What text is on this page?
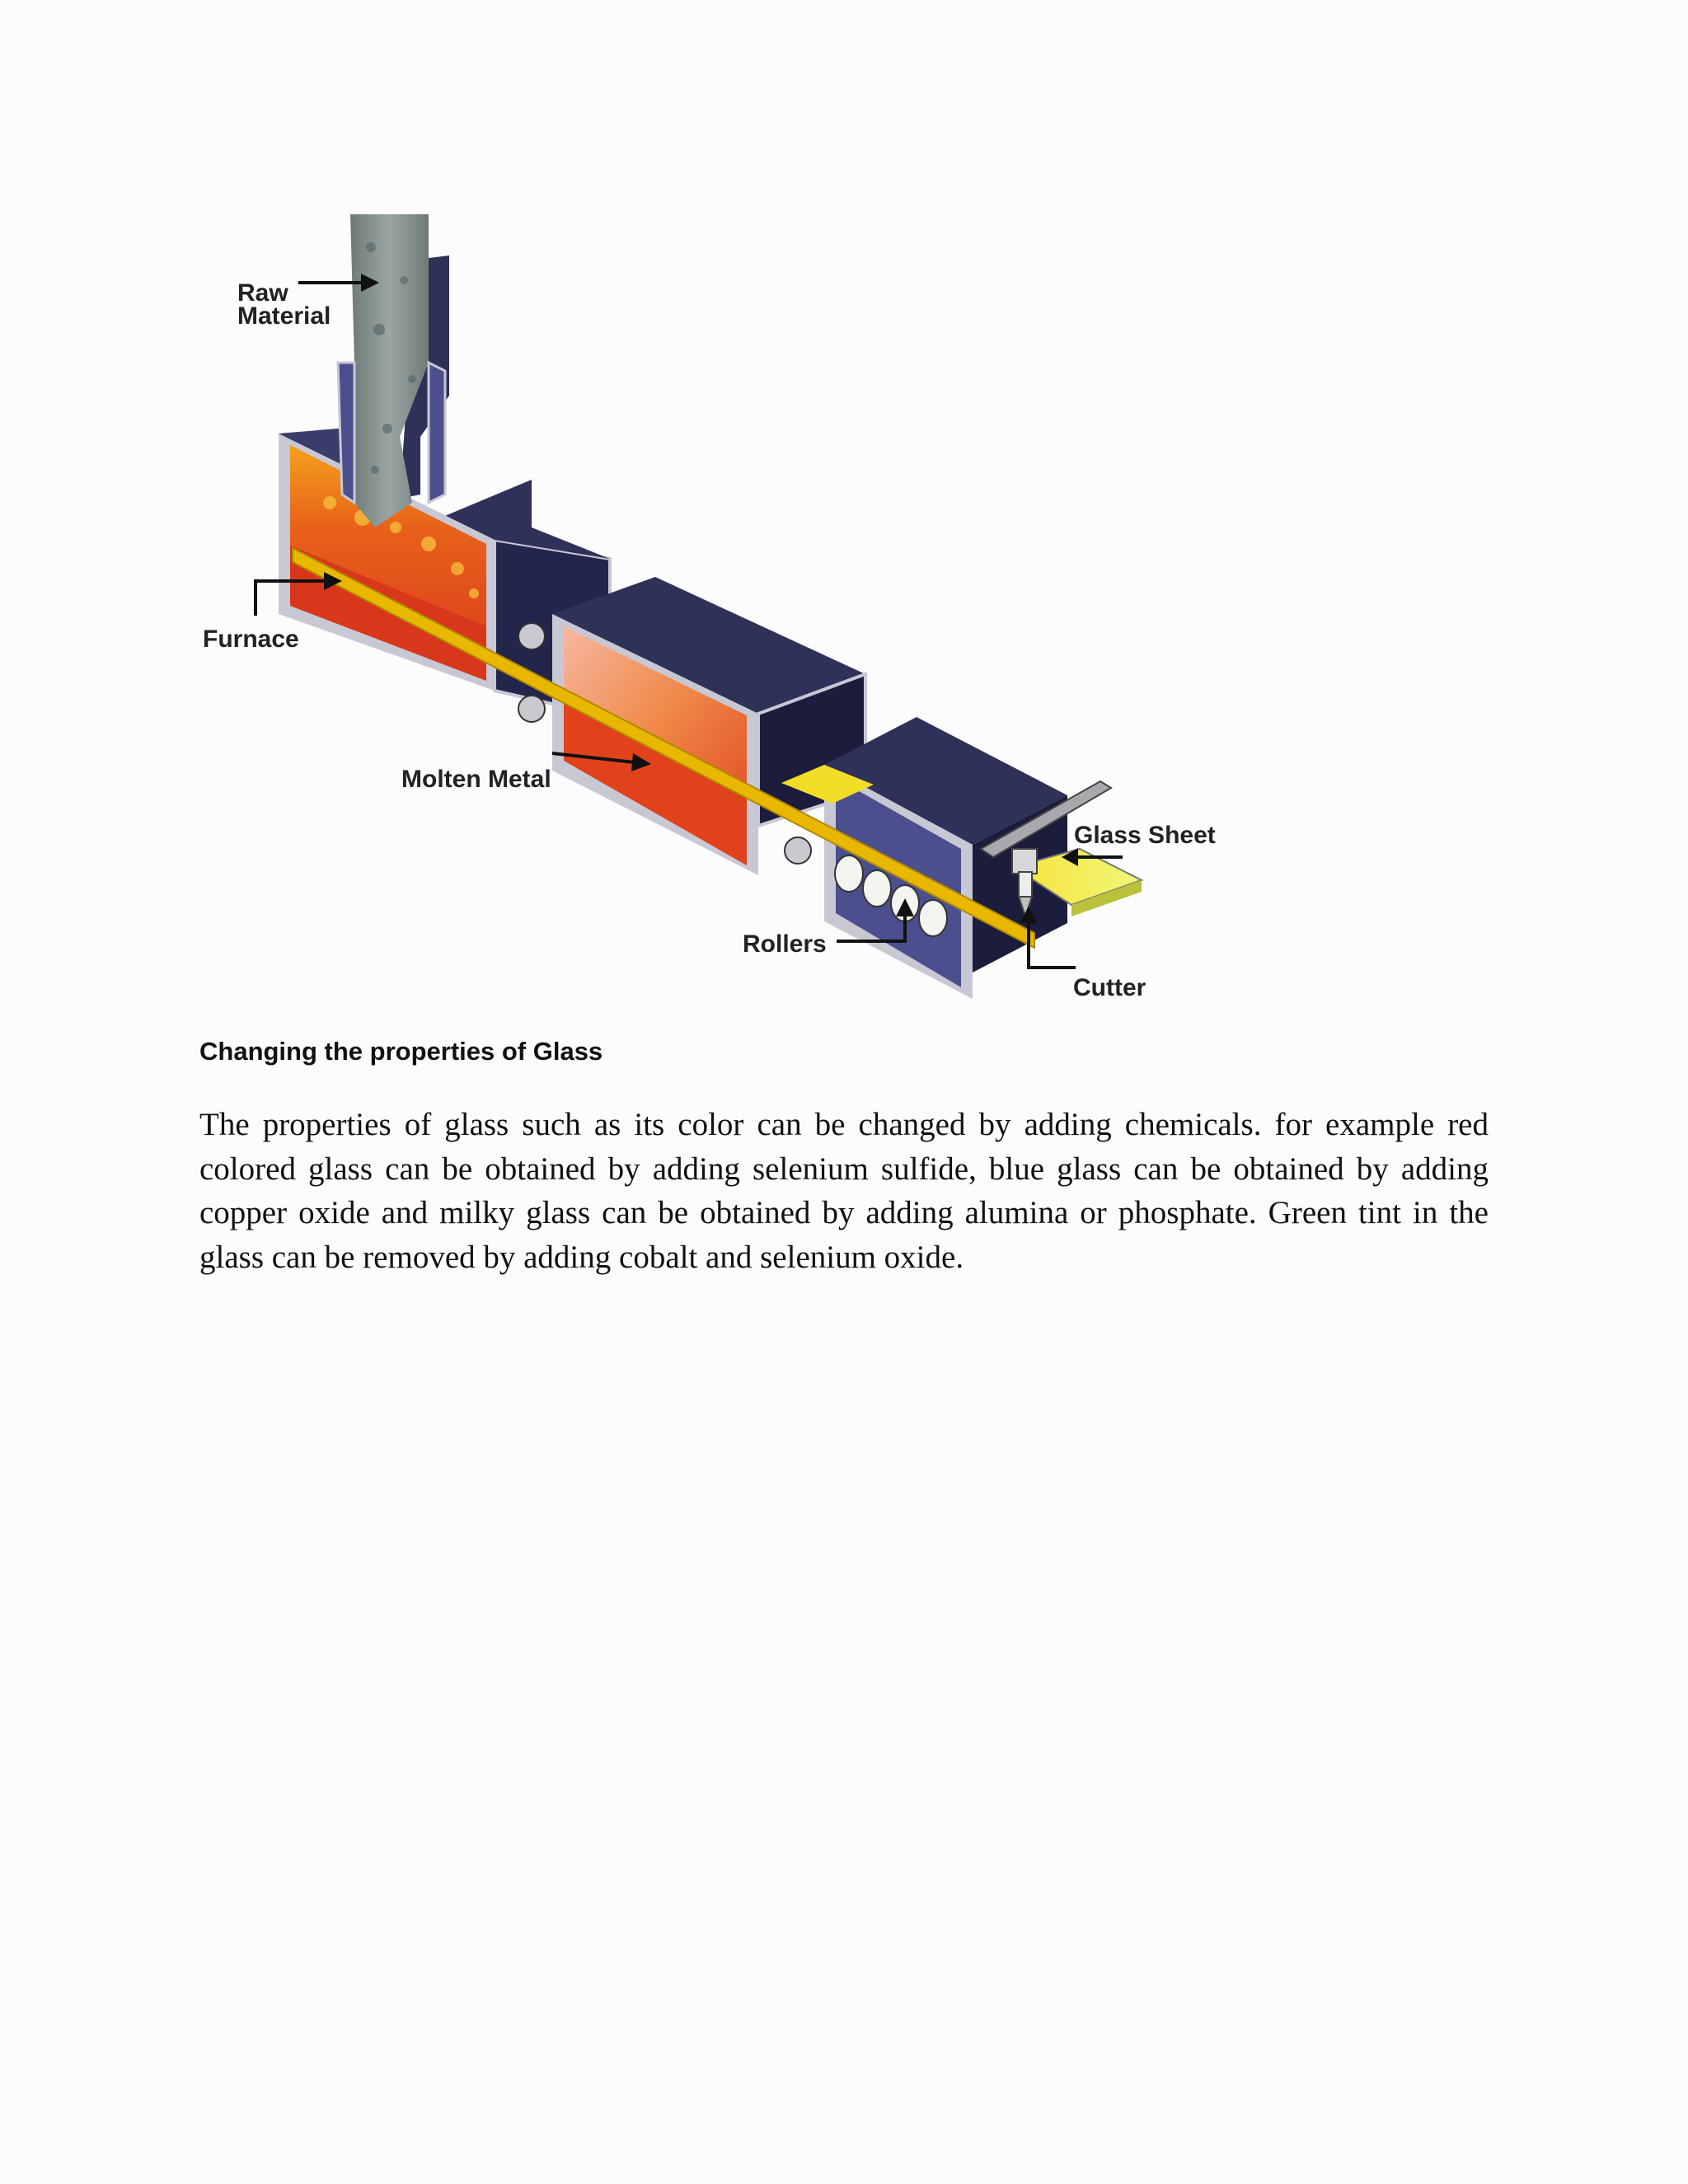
Raw
Material
Furnace
Molten Metal
Glass Sheet
Rollers
Cutter
Changing the properties of Glass

The properties of glass such as its color can be changed by adding chemicals. for example red colored glass can be obtained by adding selenium sulfide, blue glass can be obtained by adding copper oxide and milky glass can be obtained by adding alumina or phosphate. Green tint in the glass can be removed by adding cobalt and selenium oxide.
